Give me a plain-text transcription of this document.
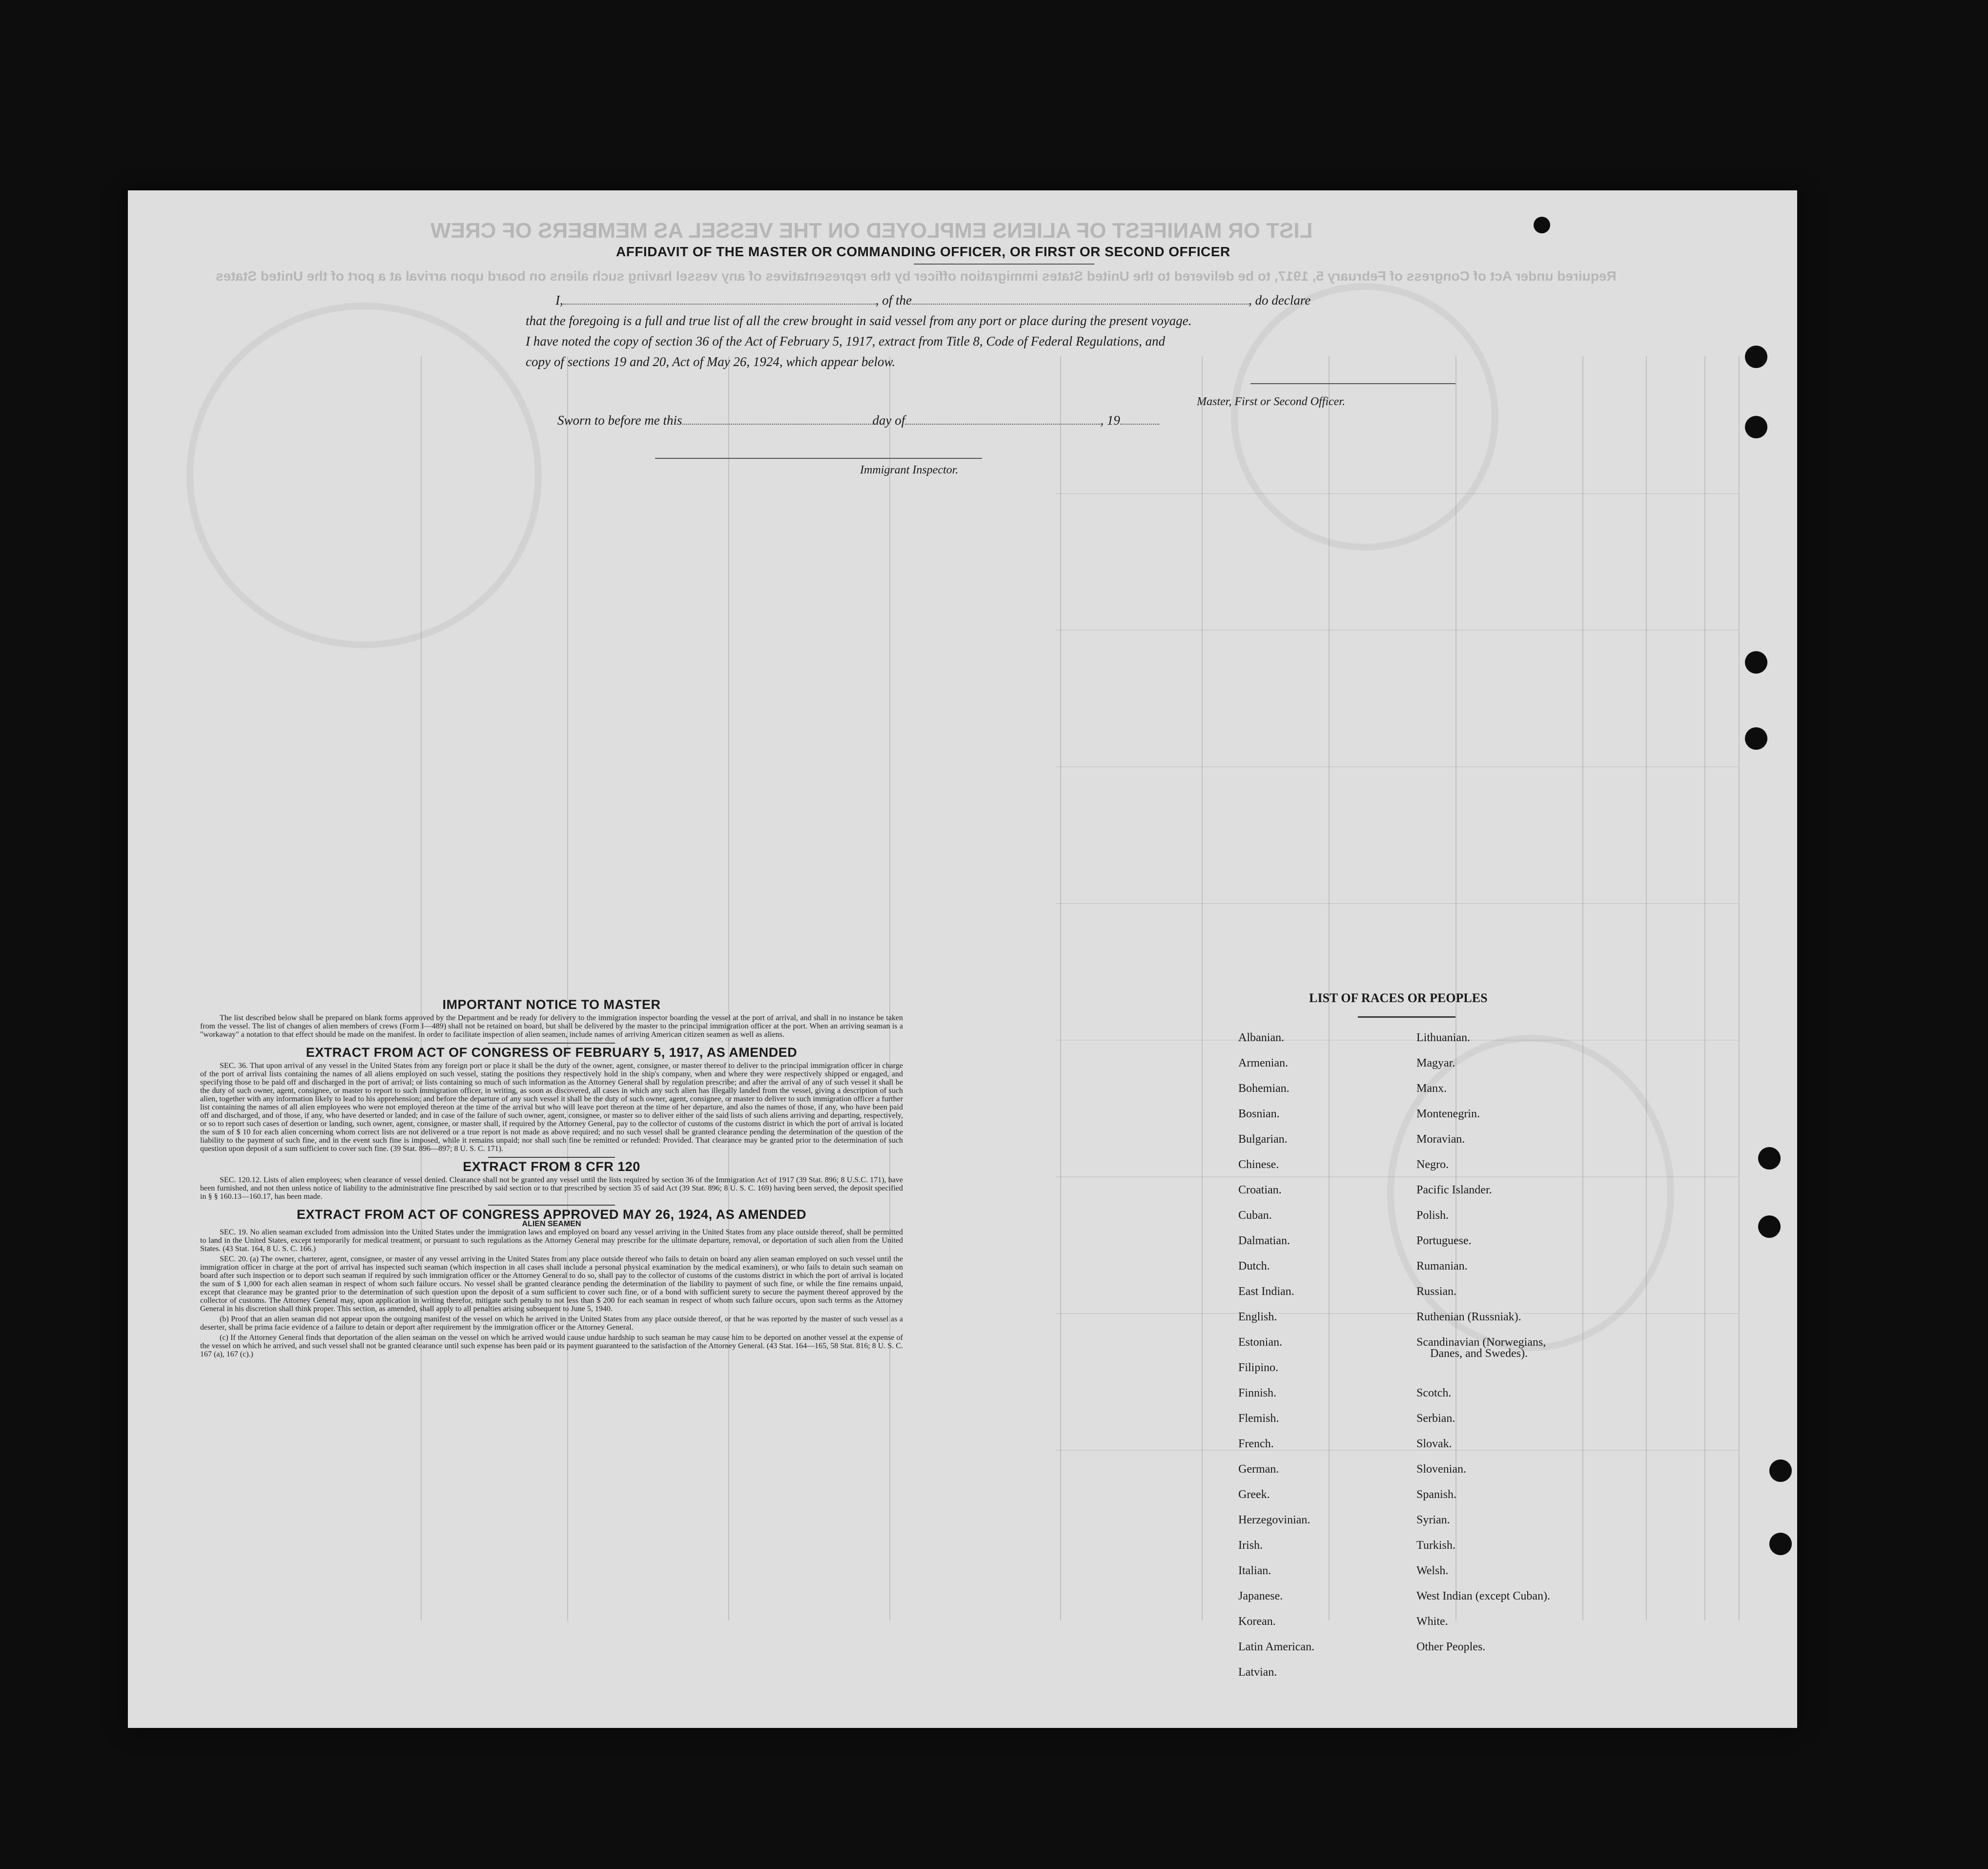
LIST OR MANIFEST OF ALIENS EMPLOYED ON THE VESSEL AS MEMBERS OF CREW
Required under Act of Congress of February 5, 1917, to be delivered to the United States immigration officer by the representatives of any vessel having such aliens on board upon arrival at a port of the United States
AFFIDAVIT OF THE MASTER OR COMMANDING OFFICER, OR FIRST OR SECOND OFFICER
I,	, of the	, do declare
that the foregoing is a full and true list of all the crew brought in said vessel from any port or place during the present voyage.
I have noted the copy of section 36 of the Act of February 5, 1917, extract from Title 8, Code of Federal Regulations, and
copy of sections 19 and 20, Act of May 26, 1924, which appear below.
Master, First or Second Officer.
Sworn to before me this	day of	, 19
Immigrant Inspector.
IMPORTANT NOTICE TO MASTER

The list described below shall be prepared on blank forms approved by the Department and be ready for delivery to the immigration inspector boarding the vessel at the port of arrival, and shall in no instance be taken from the vessel. The list of changes of alien members of crews (Form I—489) shall not be retained on board, but shall be delivered by the master to the principal immigration officer at the port. When an arriving seaman is a "workaway" a notation to that effect should be made on the manifest. In order to facilitate inspection of alien seamen, include names of arriving American citizen seamen as well as aliens.

EXTRACT FROM ACT OF CONGRESS OF FEBRUARY 5, 1917, AS AMENDED

SEC. 36. That upon arrival of any vessel in the United States from any foreign port or place it shall be the duty of the owner, agent, consignee, or master thereof to deliver to the principal immigration officer in charge of the port of arrival lists containing the names of all aliens employed on such vessel, stating the positions they respectively hold in the ship's company, when and where they were respectively shipped or engaged, and specifying those to be paid off and discharged in the port of arrival; or lists containing so much of such information as the Attorney General shall by regulation prescribe; and after the arrival of any of such vessel it shall be the duty of such owner, agent, consignee, or master to report to such immigration officer, in writing, as soon as discovered, all cases in which any such alien has illegally landed from the vessel, giving a description of such alien, together with any information likely to lead to his apprehension; and before the departure of any such vessel it shall be the duty of such owner, agent, consignee, or master to deliver to such immigration officer a further list containing the names of all alien employees who were not employed thereon at the time of the arrival but who will leave port thereon at the time of her departure, and also the names of those, if any, who have been paid off and discharged, and of those, if any, who have deserted or landed; and in case of the failure of such owner, agent, consignee, or master so to deliver either of the said lists of such aliens arriving and departing, respectively, or so to report such cases of desertion or landing, such owner, agent, consignee, or master shall, if required by the Attorney General, pay to the collector of customs of the customs district in which the port of arrival is located the sum of $ 10 for each alien concerning whom correct lists are not delivered or a true report is not made as above required; and no such vessel shall be granted clearance pending the determination of the question of the liability to the payment of such fine, and in the event such fine is imposed, while it remains unpaid; nor shall such fine be remitted or refunded: Provided. That clearance may be granted prior to the determination of such question upon deposit of a sum sufficient to cover such fine. (39 Stat. 896—897; 8 U. S. C. 171).

EXTRACT FROM 8 CFR 120

SEC. 120.12. Lists of alien employees; when clearance of vessel denied. Clearance shall not be granted any vessel until the lists required by section 36 of the Immigration Act of 1917 (39 Stat. 896; 8 U.S.C. 171), have been furnished, and not then unless notice of liability to the administrative fine prescribed by said section or to that prescribed by section 35 of said Act (39 Stat. 896; 8 U. S. C. 169) having been served, the deposit specified in § § 160.13—160.17, has been made.

EXTRACT FROM ACT OF CONGRESS APPROVED MAY 26, 1924, AS AMENDED
ALIEN SEAMEN

SEC. 19. No alien seaman excluded from admission into the United States under the immigration laws and employed on board any vessel arriving in the United States from any place outside thereof, shall be permitted to land in the United States, except temporarily for medical treatment, or pursuant to such regulations as the Attorney General may prescribe for the ultimate departure, removal, or deportation of such alien from the United States. (43 Stat. 164, 8 U. S. C. 166.)

SEC. 20. (a) The owner, charterer, agent, consignee, or master of any vessel arriving in the United States from any place outside thereof who fails to detain on board any alien seaman employed on such vessel until the immigration officer in charge at the port of arrival has inspected such seaman (which inspection in all cases shall include a personal physical examination by the medical examiners), or who fails to detain such seaman on board after such inspection or to deport such seaman if required by such immigration officer or the Attorney General to do so, shall pay to the collector of customs of the customs district in which the port of arrival is located the sum of $ 1,000 for each alien seaman in respect of whom such failure occurs. No vessel shall be granted clearance pending the determination of the liability to payment of such fine, or while the fine remains unpaid, except that clearance may be granted prior to the determination of such question upon the deposit of a sum sufficient to cover such fine, or of a bond with sufficient surety to secure the payment thereof approved by the collector of customs. The Attorney General may, upon application in writing therefor, mitigate such penalty to not less than $ 200 for each seaman in respect of whom such failure occurs, upon such terms as the Attorney General in his discretion shall think proper. This section, as amended, shall apply to all penalties arising subsequent to June 5, 1940.

(b) Proof that an alien seaman did not appear upon the outgoing manifest of the vessel on which he arrived in the United States from any place outside thereof, or that he was reported by the master of such vessel as a deserter, shall be prima facie evidence of a failure to detain or deport after requirement by the immigration officer or the Attorney General.

(c) If the Attorney General finds that deportation of the alien seaman on the vessel on which he arrived would cause undue hardship to such seaman he may cause him to be deported on another vessel at the expense of the vessel on which he arrived, and such vessel shall not be granted clearance until such expense has been paid or its payment guaranteed to the satisfaction of the Attorney General. (43 Stat. 164—165, 58 Stat. 816; 8 U. S. C. 167 (a), 167 (c).)

LIST OF RACES OR PEOPLES
Albanian.
Armenian.
Bohemian.
Bosnian.
Bulgarian.
Chinese.
Croatian.
Cuban.
Dalmatian.
Dutch.
East Indian.
English.
Estonian.
Filipino.
Finnish.
Flemish.
French.
German.
Greek.
Herzegovinian.
Irish.
Italian.
Japanese.
Korean.
Latin American.
Latvian.
Lithuanian.
Magyar.
Manx.
Montenegrin.
Moravian.
Negro.
Pacific Islander.
Polish.
Portuguese.
Rumanian.
Russian.
Ruthenian (Russniak).
Scandinavian (Norwegians,
Danes, and Swedes).
Scotch.
Serbian.
Slovak.
Slovenian.
Spanish.
Syrian.
Turkish.
Welsh.
West Indian (except Cuban).
White.
Other Peoples.
